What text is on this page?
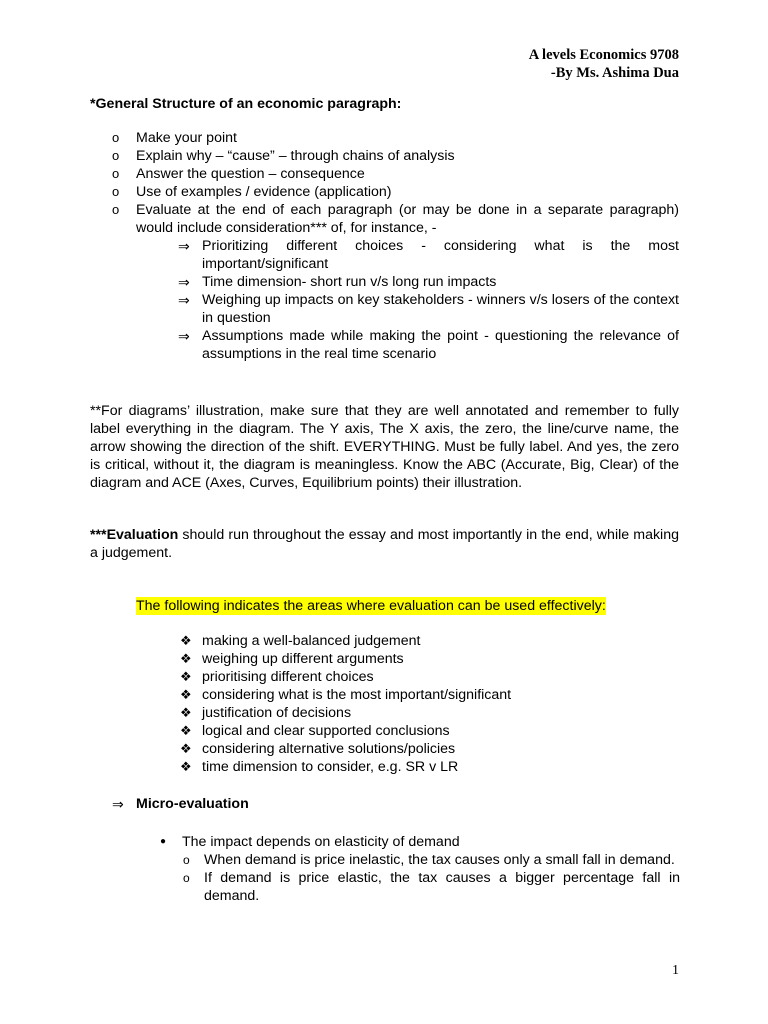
A levels Economics 9708
-By Ms. Ashima Dua
*General Structure of an economic paragraph:
o	Make your point
o	Explain why – “cause” – through chains of analysis
o	Answer the question – consequence
o	Use of examples / evidence (application)
o	Evaluate at the end of each paragraph (or may be done in a separate paragraph) would include consideration*** of, for instance, -
⇒ Prioritizing different choices - considering what is the most important/significant
⇒ Time dimension- short run v/s long run impacts
⇒ Weighing up impacts on key stakeholders - winners v/s losers of the context in question
⇒ Assumptions made while making the point - questioning the relevance of assumptions in the real time scenario
**For diagrams’ illustration, make sure that they are well annotated and remember to fully label everything in the diagram. The Y axis, The X axis, the zero, the line/curve name, the arrow showing the direction of the shift. EVERYTHING. Must be fully label. And yes, the zero is critical, without it, the diagram is meaningless. Know the ABC (Accurate, Big, Clear) of the diagram and ACE (Axes, Curves, Equilibrium points) their illustration.
***Evaluation should run throughout the essay and most importantly in the end, while making a judgement.
The following indicates the areas where evaluation can be used effectively:
❖ making a well-balanced judgement
❖ weighing up different arguments
❖ prioritising different choices
❖ considering what is the most important/significant
❖ justification of decisions
❖ logical and clear supported conclusions
❖ considering alternative solutions/policies
❖ time dimension to consider, e.g. SR v LR
⇒ Micro-evaluation
●	The impact depends on elasticity of demand
o	When demand is price inelastic, the tax causes only a small fall in demand.
o	If demand is price elastic, the tax causes a bigger percentage fall in demand.
1
